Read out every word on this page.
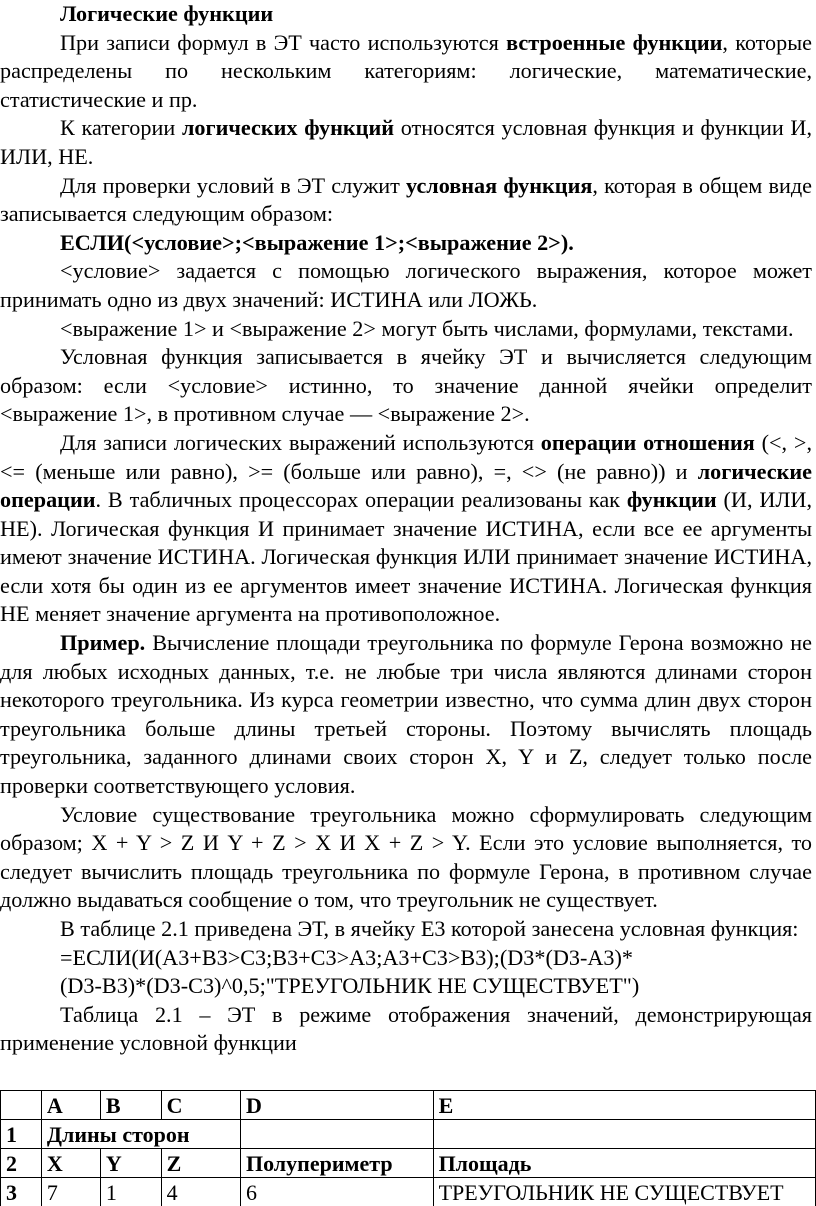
Логические функции

При записи формул в ЭТ часто используются встроенные функции, которые распределены по нескольким категориям: логические, математические, статистические и пр.

К категории логических функций относятся условная функция и функции И, ИЛИ, НЕ.

Для проверки условий в ЭТ служит условная функция, которая в общем виде записывается следующим образом:

ЕСЛИ(<условие>;<выражение 1>;<выражение 2>).

<условие> задается с помощью логического выражения, которое может принимать одно из двух значений: ИСТИНА или ЛОЖЬ.

<выражение 1> и <выражение 2> могут быть числами, формулами, текстами.

Условная функция записывается в ячейку ЭТ и вычисляется следующим образом: если <условие> истинно, то значение данной ячейки определит <выражение 1>, в противном случае — <выражение 2>.

Для записи логических выражений используются операции отношения (<, >, <= (меньше или равно), >= (больше или равно), =, <> (не равно)) и логические операции. В табличных процессорах операции реализованы как функции (И, ИЛИ, НЕ). Логическая функция И принимает значение ИСТИНА, если все ее аргументы имеют значение ИСТИНА. Логическая функция ИЛИ принимает значение ИСТИНА, если хотя бы один из ее аргументов имеет значение ИСТИНА. Логическая функция НЕ меняет значение аргумента на противоположное.

Пример. Вычисление площади треугольника по формуле Герона возможно не для любых исходных данных, т.е. не любые три числа являются длинами сторон некоторого треугольника. Из курса геометрии известно, что сумма длин двух сторон треугольника больше длины третьей стороны. Поэтому вычислять площадь треугольника, заданного длинами своих сторон X, Y и Z, следует только после проверки соответствующего условия.

Условие существование треугольника можно сформулировать следующим образом; X + Y > Z И Y + Z > X И X + Z > Y. Если это условие выполняется, то следует вычислить площадь треугольника по формуле Герона, в противном случае должно выдаваться сообщение о том, что треугольник не существует.

В таблице 2.1 приведена ЭТ, в ячейку E3 которой занесена условная функция:

=ЕСЛИ(И(A3+B3>C3;B3+C3>A3;A3+C3>B3);(D3*(D3-A3)*

(D3-B3)*(D3-C3)^0,5;"ТРЕУГОЛЬНИК НЕ СУЩЕСТВУЕТ")

Таблица 2.1 – ЭТ в режиме отображения значений, демонстрирующая применение условной функции

	A	B	C	D	E
1	Длины сторон				
2	X	Y	Z	Полупериметр	Площадь
3	7	1	4	6	ТРЕУГОЛЬНИК НЕ СУЩЕСТВУЕТ
